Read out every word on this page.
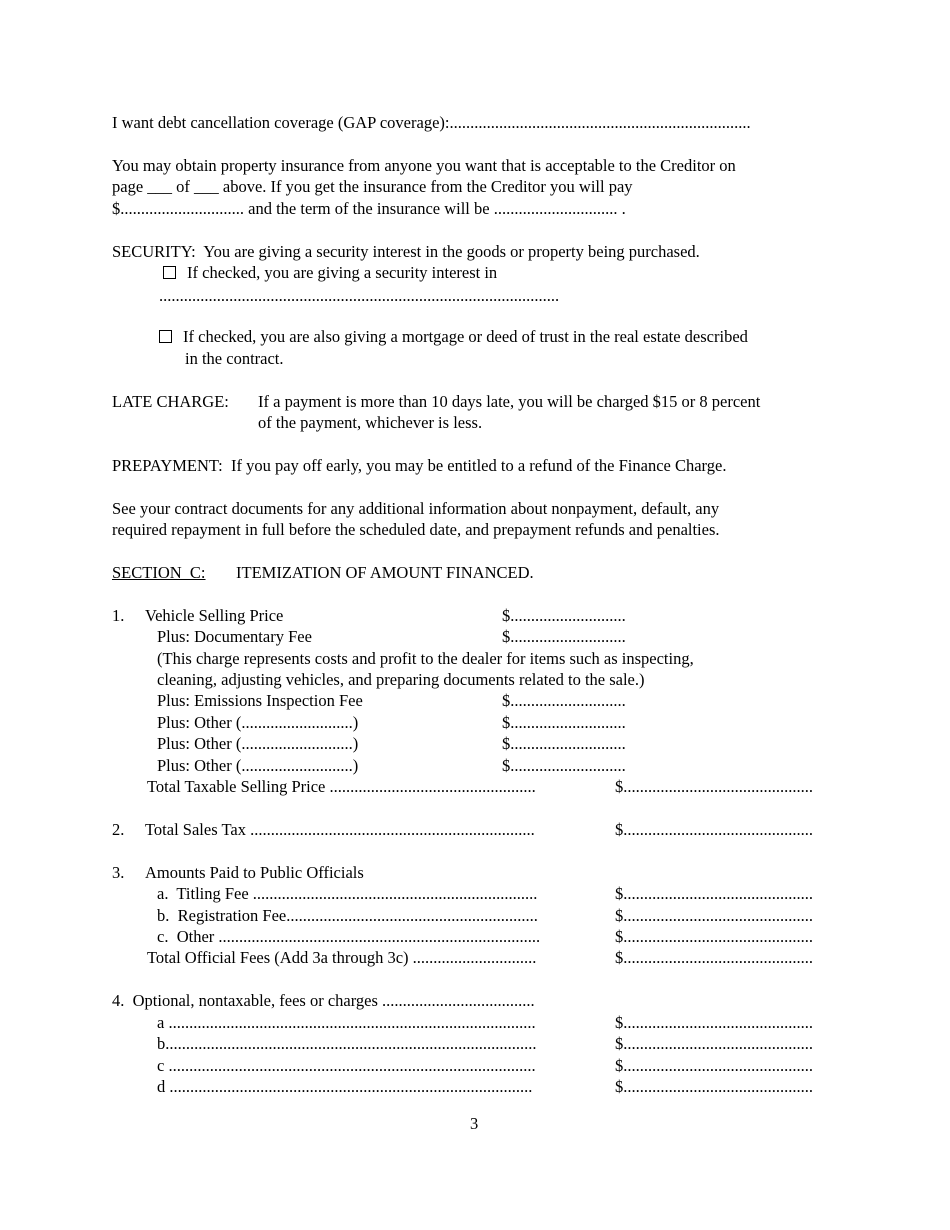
I want debt cancellation coverage (GAP coverage):.........................................................................
You may obtain property insurance from anyone you want that is acceptable to the Creditor on
page ___ of ___ above. If you get the insurance from the Creditor you will pay
$.............................. and the term of the insurance will be .............................. .
SECURITY:  You are giving a security interest in the goods or property being purchased.
If checked, you are giving a security interest in
.................................................................................................
If checked, you are also giving a mortgage or deed of trust in the real estate described
in the contract.
LATE CHARGE: If a payment is more than 10 days late, you will be charged $15 or 8 percent
of the payment, whichever is less.
PREPAYMENT:  If you pay off early, you may be entitled to a refund of the Finance Charge.
See your contract documents for any additional information about nonpayment, default, any
required repayment in full before the scheduled date, and prepayment refunds and penalties.
SECTION  C: ITEMIZATION OF AMOUNT FINANCED.
1. Vehicle Selling Price	$............................
Plus: Documentary Fee	$............................
(This charge represents costs and profit to the dealer for items such as inspecting,
cleaning, adjusting vehicles, and preparing documents related to the sale.)
Plus: Emissions Inspection Fee	$............................
Plus: Other (...........................)	$............................
Plus: Other (...........................)	$............................
Plus: Other (...........................)	$............................
Total Taxable Selling Price ..................................................	$..............................................
2. Total Sales Tax .....................................................................	$..............................................
3. Amounts Paid to Public Officials
a.  Titling Fee .....................................................................	$..............................................
b.  Registration Fee.............................................................	$..............................................
c.  Other ..............................................................................	$..............................................
Total Official Fees (Add 3a through 3c) ..............................	$..............................................
4.  Optional, nontaxable, fees or charges .....................................
a .........................................................................................	$..............................................
b..........................................................................................	$..............................................
c .........................................................................................	$..............................................
d ........................................................................................	$..............................................
3
